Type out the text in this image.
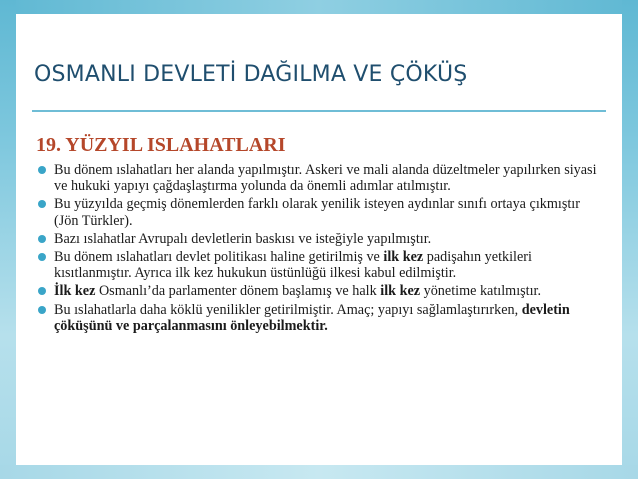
OSMANLI DEVLETİ DAĞILMA VE ÇÖKÜŞ
19. YÜZYIL ISLAHATLARI
Bu dönem ıslahatları her alanda yapılmıştır. Askeri ve mali alanda düzeltmeler yapılırken siyasi ve hukuki yapıyı çağdaşlaştırma yolunda da önemli adımlar atılmıştır.
Bu yüzyılda geçmiş dönemlerden farklı olarak yenilik isteyen aydınlar sınıfı ortaya çıkmıştır (Jön Türkler).
Bazı ıslahatlar Avrupalı devletlerin baskısı ve isteğiyle yapılmıştır.
Bu dönem ıslahatları devlet politikası haline getirilmiş ve ilk kez padişahın yetkileri kısıtlanmıştır. Ayrıca ilk kez hukukun üstünlüğü ilkesi kabul edilmiştir.
İlk kez Osmanlı’da parlamenter dönem başlamış ve halk ilk kez yönetime katılmıştır.
Bu ıslahatlarla daha köklü yenilikler getirilmiştir. Amaç; yapıyı sağlamlaştırırken, devletin çöküşünü ve parçalanmasını önleyebilmektir.
